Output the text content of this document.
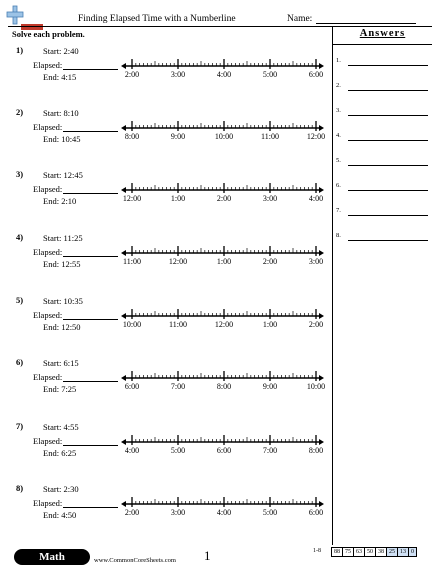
Finding Elapsed Time with a Numberline	Name:
Solve each problem.	Answers
1) Start: 2:40
Elapsed:
End: 4:15	2:00	3:00	4:00	5:00	6:00
2) Start: 8:10
Elapsed:
End: 10:45	8:00	9:00	10:00	11:00	12:00
3) Start: 12:45
Elapsed:
End: 2:10	12:00	1:00	2:00	3:00	4:00
4) Start: 11:25
Elapsed:
End: 12:55	11:00	12:00	1:00	2:00	3:00
5) Start: 10:35
Elapsed:
End: 12:50	10:00	11:00	12:00	1:00	2:00
6) Start: 6:15
Elapsed:
End: 7:25	6:00	7:00	8:00	9:00	10:00
7) Start: 4:55
Elapsed:
End: 6:25	4:00	5:00	6:00	7:00	8:00
8) Start: 2:30
Elapsed:
End: 4:50	2:00	3:00	4:00	5:00	6:00
1.
2.
3.
4.
5.
6.
7.
8.
Math	www.CommonCoreSheets.com 1	1-8	88 75 63 50 38 25 13 0
